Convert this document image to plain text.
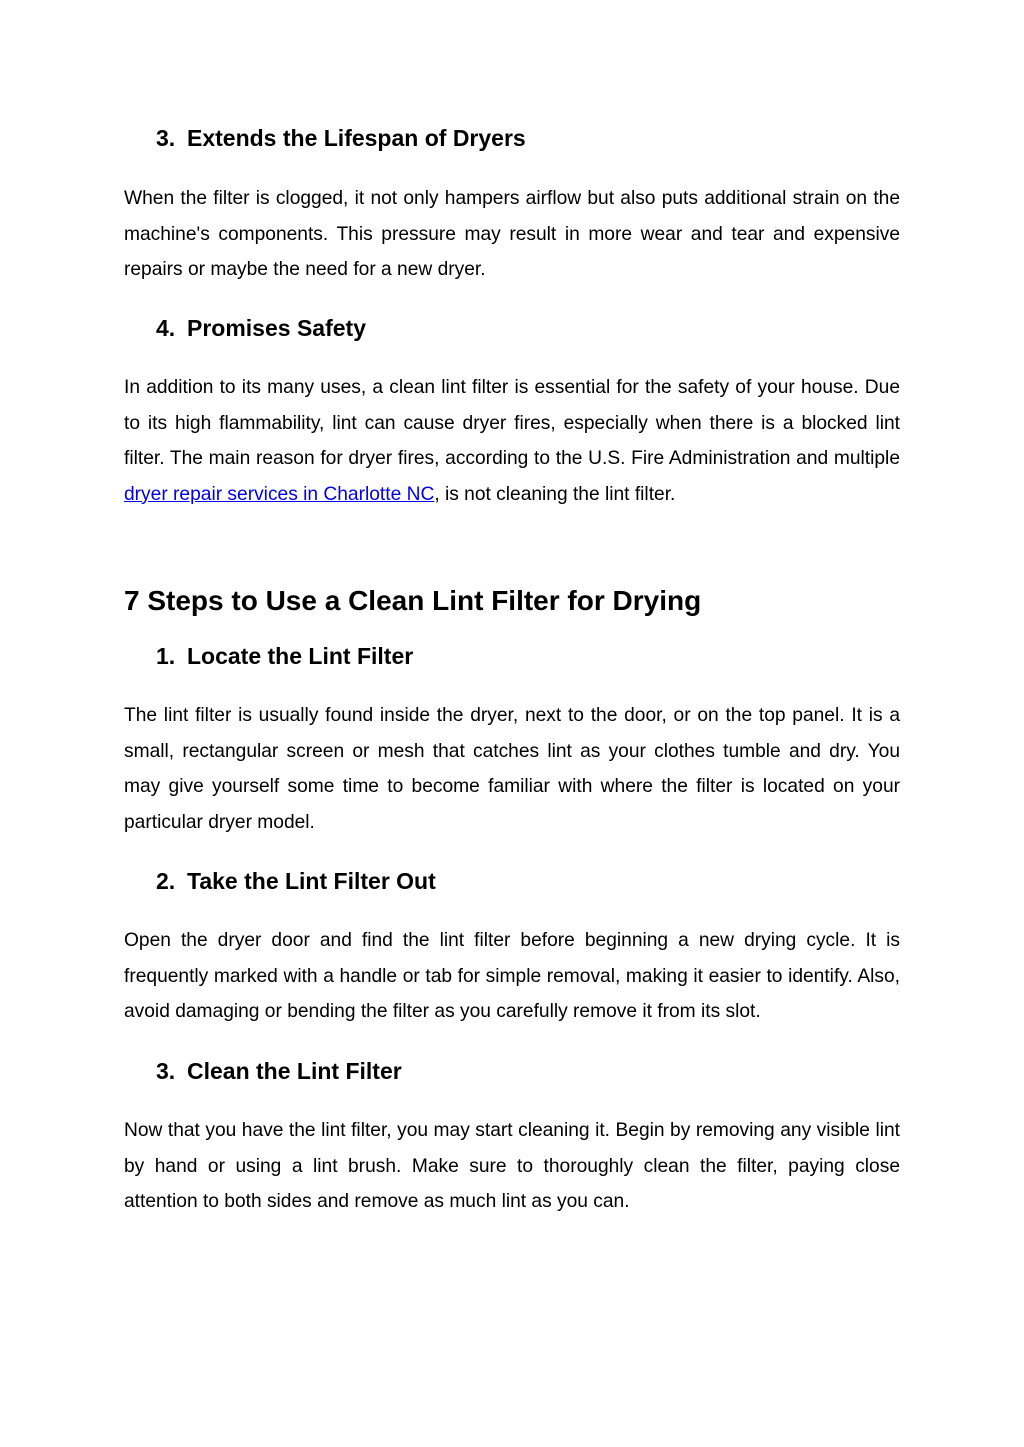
3. Extends the Lifespan of Dryers

When the filter is clogged, it not only hampers airflow but also puts additional strain on the machine's components. This pressure may result in more wear and tear and expensive repairs or maybe the need for a new dryer.

4. Promises Safety

In addition to its many uses, a clean lint filter is essential for the safety of your house. Due to its high flammability, lint can cause dryer fires, especially when there is a blocked lint filter. The main reason for dryer fires, according to the U.S. Fire Administration and multiple dryer repair services in Charlotte NC, is not cleaning the lint filter.

7 Steps to Use a Clean Lint Filter for Drying
1. Locate the Lint Filter

The lint filter is usually found inside the dryer, next to the door, or on the top panel. It is a small, rectangular screen or mesh that catches lint as your clothes tumble and dry. You may give yourself some time to become familiar with where the filter is located on your particular dryer model.

2. Take the Lint Filter Out

Open the dryer door and find the lint filter before beginning a new drying cycle. It is frequently marked with a handle or tab for simple removal, making it easier to identify. Also, avoid damaging or bending the filter as you carefully remove it from its slot.

3. Clean the Lint Filter

Now that you have the lint filter, you may start cleaning it. Begin by removing any visible lint by hand or using a lint brush. Make sure to thoroughly clean the filter, paying close attention to both sides and remove as much lint as you can.
